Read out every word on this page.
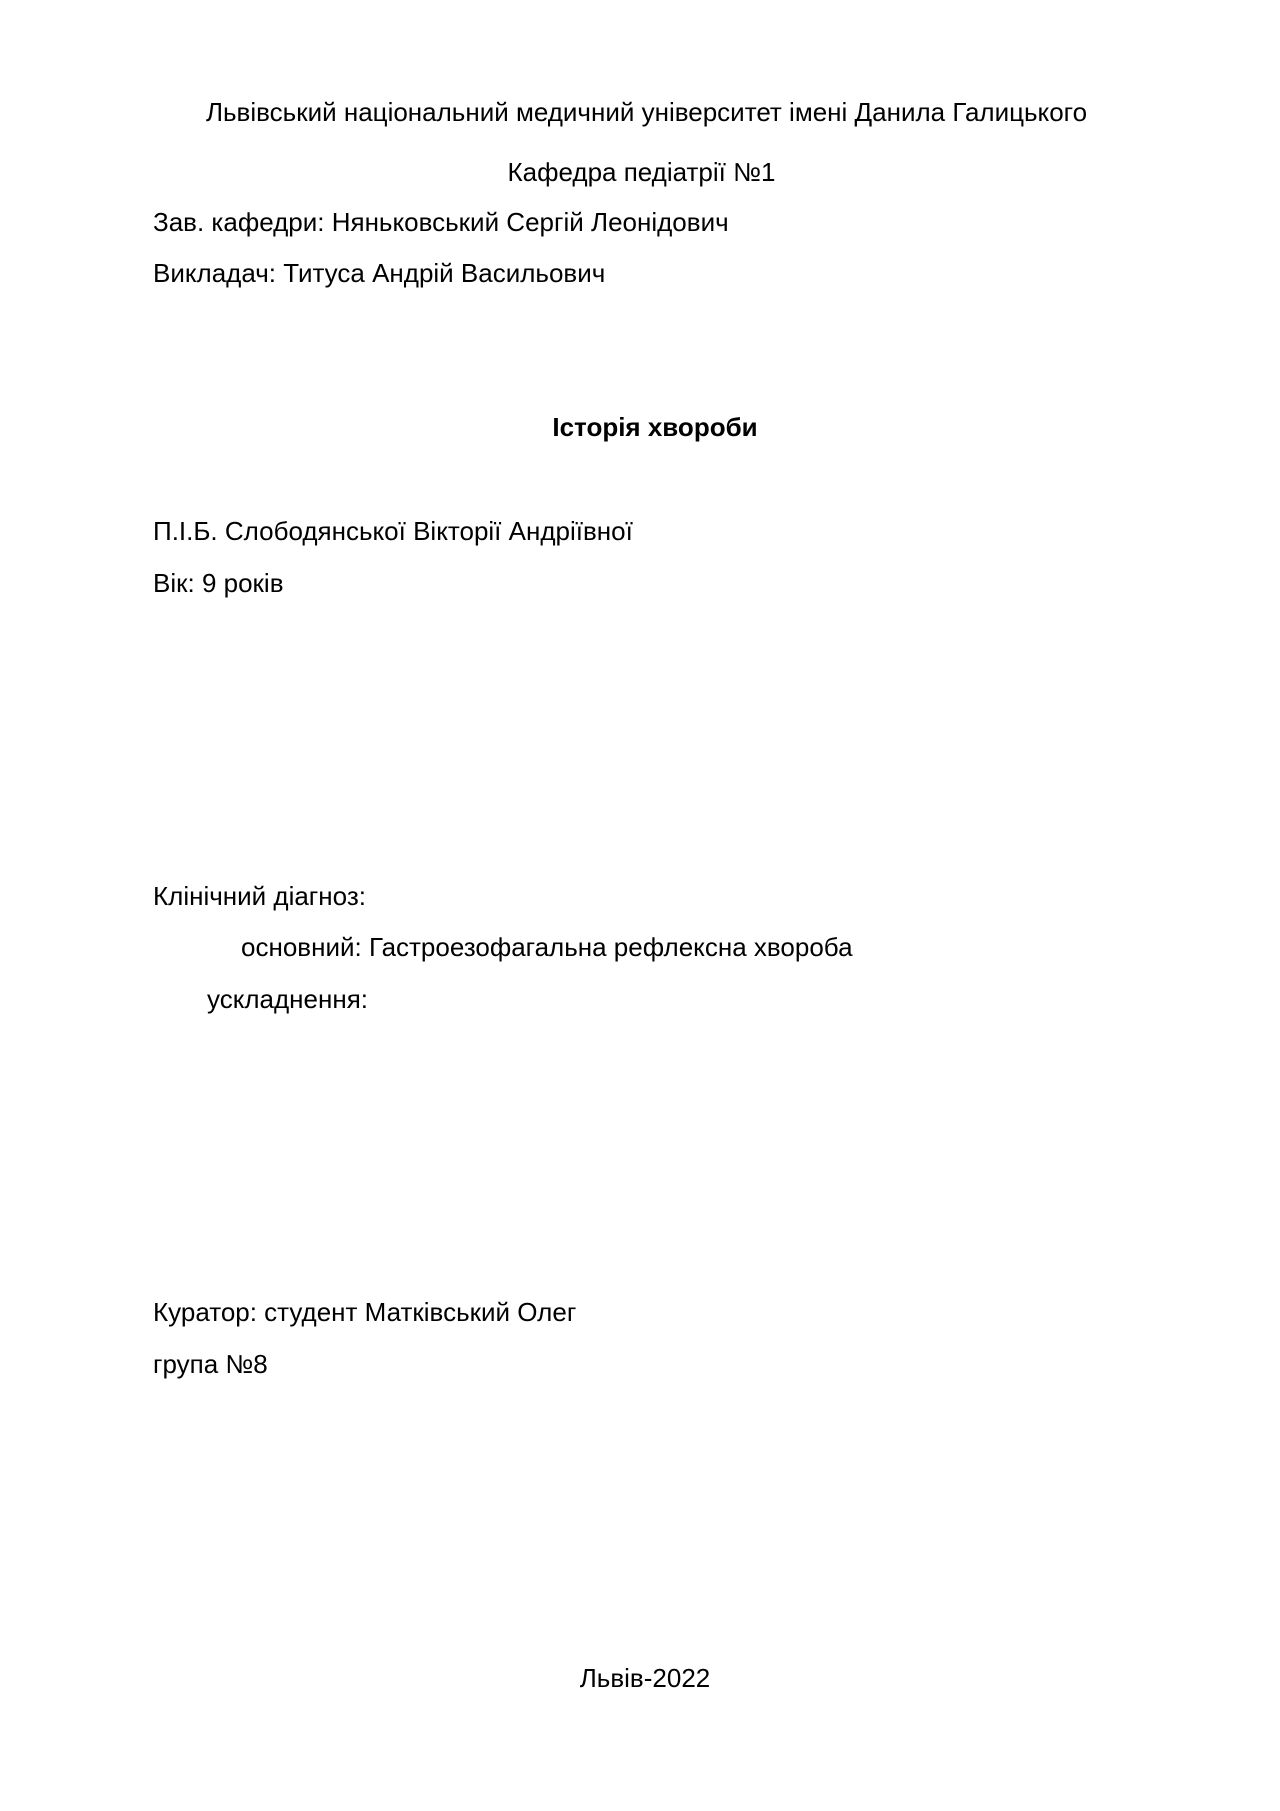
Львівський національний медичний університет імені Данила Галицького
Кафедра педіатрії №1
Зав. кафедри: Няньковський Сергій Леонідович
Викладач: Титуса Андрій Васильович
Історія хвороби
П.І.Б. Слободянської Вікторії Андріївної
Вік: 9 років
Клінічний діагноз:
основний: Гастроезофагальна рефлексна хвороба
ускладнення:
Куратор: студент Матківський Олег
група №8
Львів-2022
